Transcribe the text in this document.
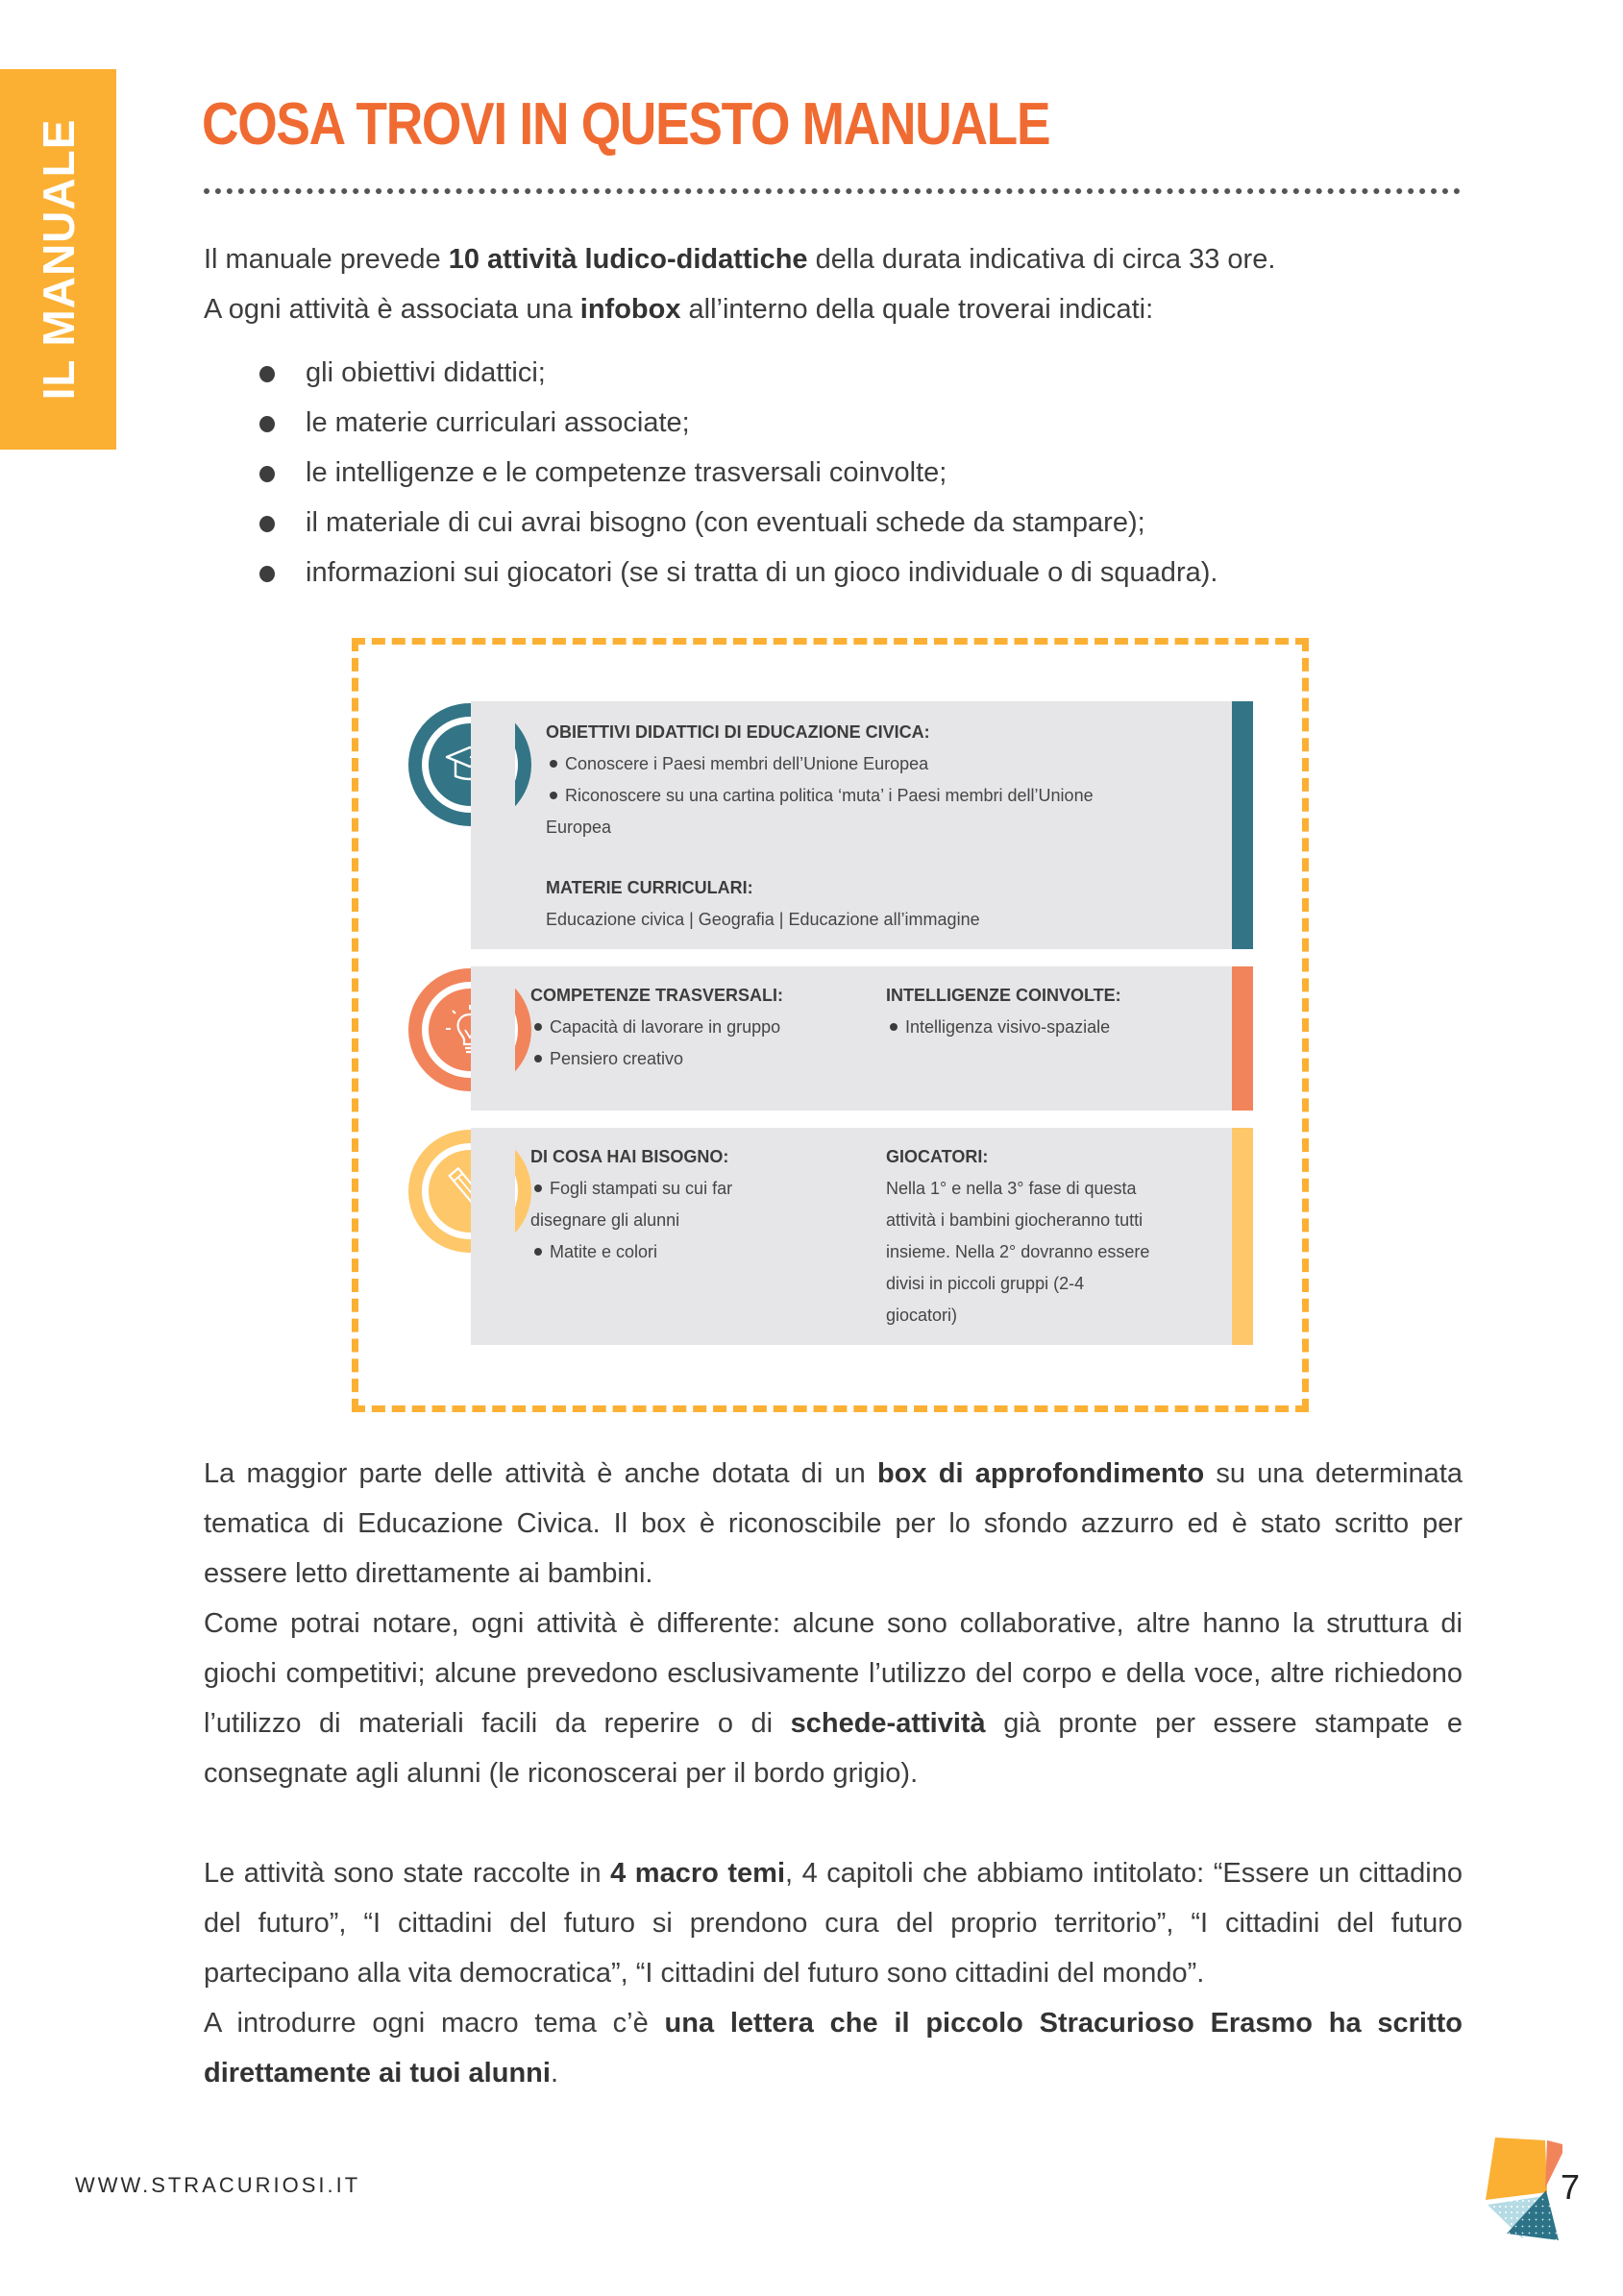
IL MANUALE COSA TROVI IN QUESTO MANUALE

Il manuale prevede 10 attività ludico-didattiche della durata indicativa di circa 33 ore.

A ogni attività è associata una infobox all’interno della quale troverai indicati:

gli obiettivi didattici;
le materie curriculari associate;
le intelligenze e le competenze trasversali coinvolte;
il materiale di cui avrai bisogno (con eventuali schede da stampare);
informazioni sui giocatori (se si tratta di un gioco individuale o di squadra).
OBIETTIVI DIDATTICI DI EDUCAZIONE CIVICA:
Conoscere i Paesi membri dell’Unione Europea
Riconoscere su una cartina politica ‘muta’ i Paesi membri dell’Unione
Europea
MATERIE CURRICULARI:
Educazione civica | Geografia | Educazione all’immagine
COMPETENZE TRASVERSALI:
Capacità di lavorare in gruppo
Pensiero creativo
INTELLIGENZE COINVOLTE:
Intelligenza visivo-spaziale
DI COSA HAI BISOGNO:
Fogli stampati su cui far
disegnare gli alunni
Matite e colori
GIOCATORI:
Nella 1° e nella 3° fase di questa
attività i bambini giocheranno tutti
insieme. Nella 2° dovranno essere
divisi in piccoli gruppi (2-4
giocatori)

La maggior parte delle attività è anche dotata di un box di approfondimento su una determinata tematica di Educazione Civica. Il box è riconoscibile per lo sfondo azzurro ed è stato scritto per essere letto direttamente ai bambini.

Come potrai notare, ogni attività è differente: alcune sono collaborative, altre hanno la struttura di giochi competitivi; alcune prevedono esclusivamente l’utilizzo del corpo e della voce, altre richiedono l’utilizzo di materiali facili da reperire o di schede-attività già pronte per essere stampate e consegnate agli alunni (le riconoscerai per il bordo grigio).

Le attività sono state raccolte in 4 macro temi, 4 capitoli che abbiamo intitolato: “Essere un cittadino del futuro”, “I cittadini del futuro si prendono cura del proprio territorio”, “I cittadini del futuro partecipano alla vita democratica”, “I cittadini del futuro sono cittadini del mondo”.

A introdurre ogni macro tema c’è una lettera che il piccolo Stracurioso Erasmo ha scritto direttamente ai tuoi alunni.

WWW.STRACURIOSI.IT	7
